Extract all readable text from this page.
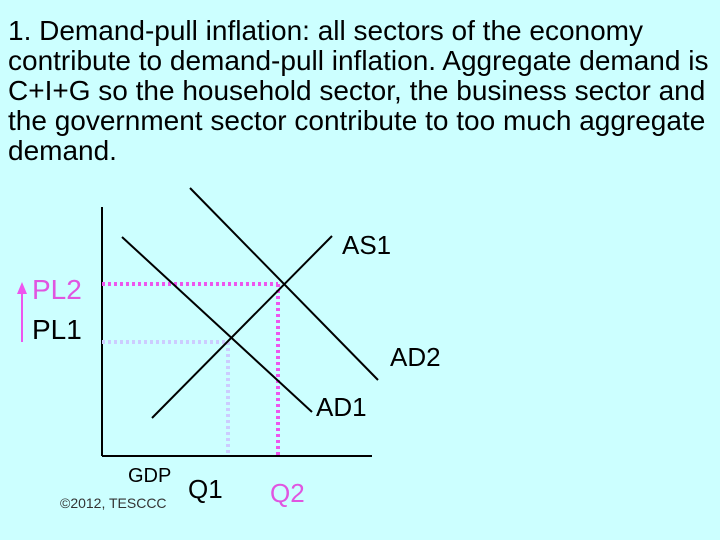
1. Demand-pull inflation: all sectors of the economy contribute to demand-pull inflation. Aggregate demand is C+I+G so the household sector, the business sector and the government sector contribute to too much aggregate demand.

AS1
AD2
AD1
PL2
PL1
GDP Q1 Q2
©2012, TESCCC
